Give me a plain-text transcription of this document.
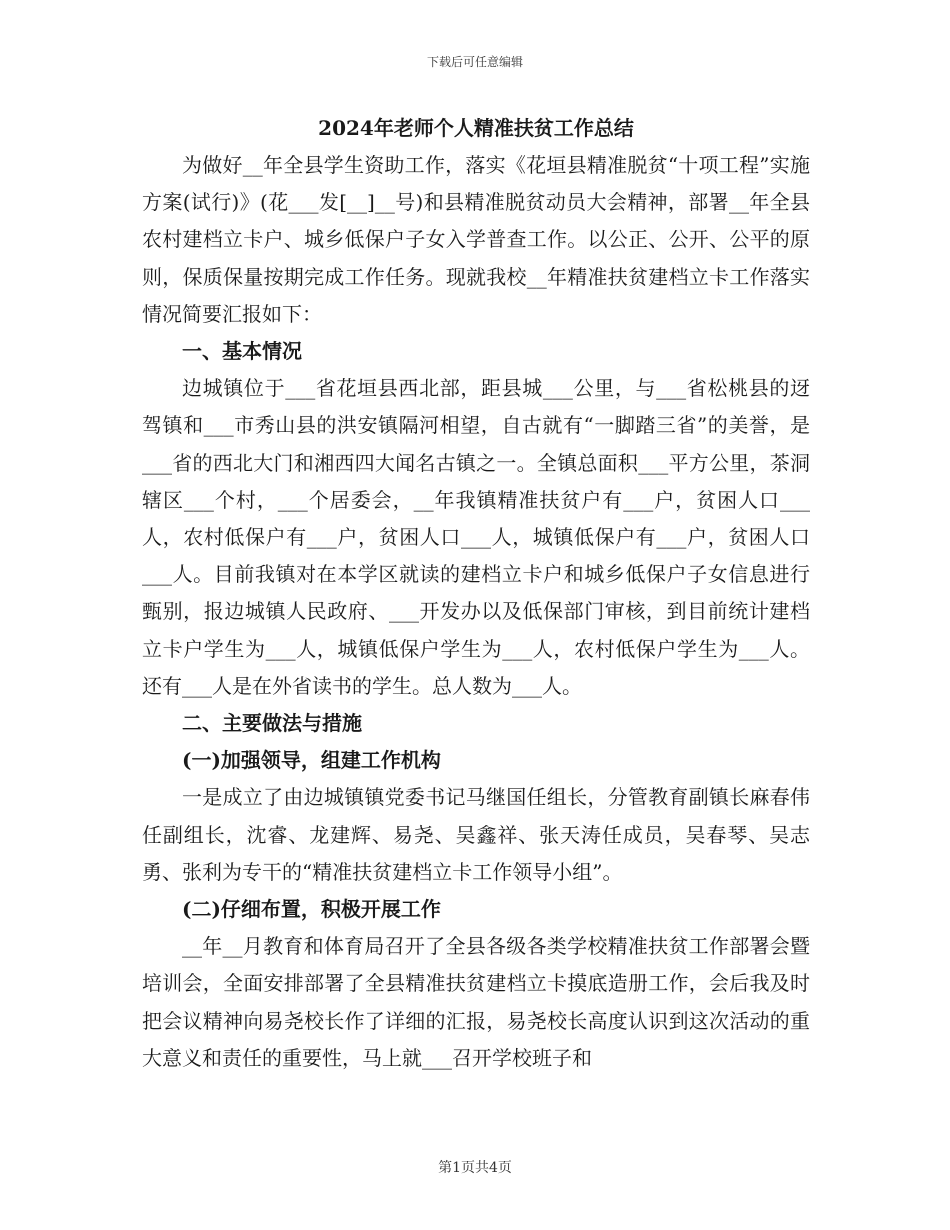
下载后可任意编辑

2024年老师个人精准扶贫工作总结

为做好__年全县学生资助工作，落实《花垣县精准脱贫“十项工程”实施方案(试行)》(花___发[__]__号)和县精准脱贫动员大会精神，部署__年全县农村建档立卡户、城乡低保户子女入学普查工作。以公正、公开、公平的原则，保质保量按期完成工作任务。现就我校__年精准扶贫建档立卡工作落实情况简要汇报如下：

一、基本情况

边城镇位于___省花垣县西北部，距县城___公里，与___省松桃县的迓驾镇和___市秀山县的洪安镇隔河相望，自古就有“一脚踏三省”的美誉，是___省的西北大门和湘西四大闻名古镇之一。全镇总面积___平方公里，茶洞辖区___个村，___个居委会，__年我镇精准扶贫户有___户，贫困人口___人，农村低保户有___户，贫困人口___人，城镇低保户有___户，贫困人口___人。目前我镇对在本学区就读的建档立卡户和城乡低保户子女信息进行甄别，报边城镇人民政府、___开发办以及低保部门审核，到目前统计建档立卡户学生为___人，城镇低保户学生为___人，农村低保户学生为___人。还有___人是在外省读书的学生。总人数为___人。

二、主要做法与措施

(一)加强领导，组建工作机构

一是成立了由边城镇镇党委书记马继国任组长，分管教育副镇长麻春伟任副组长，沈睿、龙建辉、易尧、吴鑫祥、张天涛任成员，吴春琴、吴志勇、张利为专干的“精准扶贫建档立卡工作领导小组”。

(二)仔细布置，积极开展工作

__年__月教育和体育局召开了全县各级各类学校精准扶贫工作部署会暨培训会，全面安排部署了全县精准扶贫建档立卡摸底造册工作，会后我及时把会议精神向易尧校长作了详细的汇报，易尧校长高度认识到这次活动的重大意义和责任的重要性，马上就___召开学校班子和

第1页共4页
